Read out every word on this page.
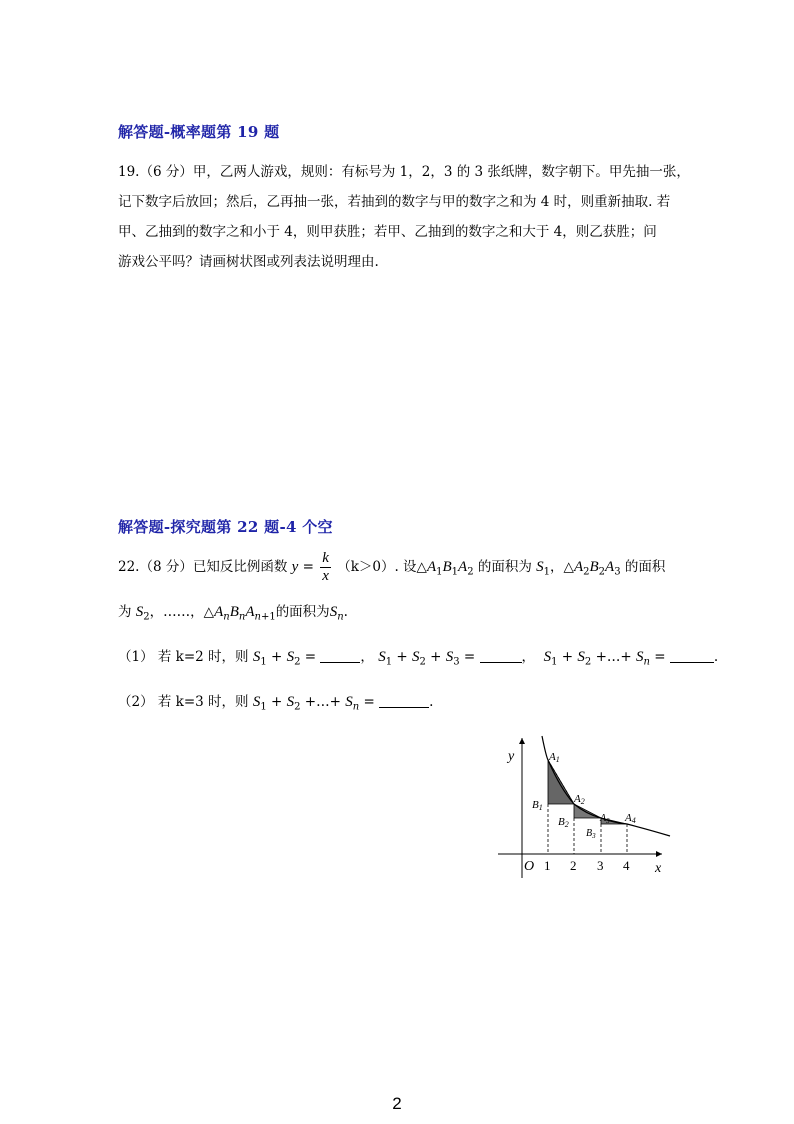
解答题-概率题第 19 题
19.（6 分）甲，乙两人游戏，规则：有标号为 1，2，3 的 3 张纸牌，数字朝下。甲先抽一张，
记下数字后放回；然后，乙再抽一张，若抽到的数字与甲的数字之和为 4 时，则重新抽取. 若
甲、乙抽到的数字之和小于 4，则甲获胜；若甲、乙抽到的数字之和大于 4，则乙获胜；问
游戏公平吗？请画树状图或列表法说明理由.
解答题-探究题第 22 题-4 个空
22.（8 分）已知反比例函数 $y = \frac{k}{x} (k>0)$. 设$\triangle A_1B_1A_2$ 的面积为 $S_1$，$\triangle A_2B_2A_3$ 的面积
为 $S_2$，……，$\triangle A_nB_nA_{n+1}$的面积为$S_n$.
（1） 若 k=2 时，则 $S_1 + S_2$ =	， $S_1 + S_2 + S_3$ =	，  $S_1 + S_2$ +…+ $S_n$ =	.
（2） 若 k=3 时，则 $S_1 + S_2$ +…+ $S_n$ =	.
y
x
O 1 2 3 4
A1
A2
$A_3$ A4
B1
B2
$B_3$
2
